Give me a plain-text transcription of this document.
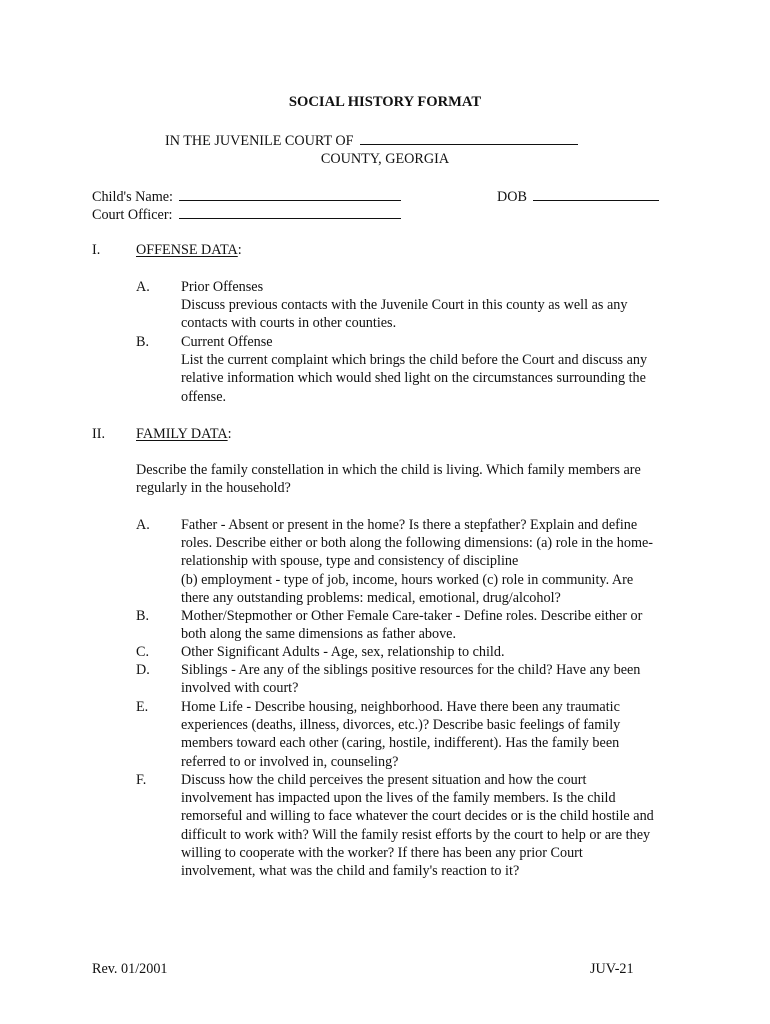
SOCIAL HISTORY FORMAT
IN THE JUVENILE COURT OF
COUNTY, GEORGIA
Child's Name:	DOB
Court Officer:
I.	OFFENSE DATA:
A. Prior Offenses
Discuss previous contacts with the Juvenile Court in this county as well as any
contacts with courts in other counties.
B. Current Offense
List the current complaint which brings the child before the Court and discuss any
relative information which would shed light on the circumstances surrounding the
offense.
II. FAMILY DATA:
Describe the family constellation in which the child is living. Which family members are
regularly in the household?
A. Father - Absent or present in the home? Is there a stepfather? Explain and define
roles. Describe either or both along the following dimensions: (a) role in the home-
relationship with spouse, type and consistency of discipline
(b) employment - type of job, income, hours worked (c) role in community. Are
there any outstanding problems: medical, emotional, drug/alcohol?
B. Mother/Stepmother or Other Female Care-taker - Define roles. Describe either or
both along the same dimensions as father above.
C. Other Significant Adults - Age, sex, relationship to child.
D. Siblings - Are any of the siblings positive resources for the child? Have any been
involved with court?
E. Home Life - Describe housing, neighborhood. Have there been any traumatic
experiences (deaths, illness, divorces, etc.)? Describe basic feelings of family
members toward each other (caring, hostile, indifferent). Has the family been
referred to or involved in, counseling?
F. Discuss how the child perceives the present situation and how the court
involvement has impacted upon the lives of the family members. Is the child
remorseful and willing to face whatever the court decides or is the child hostile and
difficult to work with? Will the family resist efforts by the court to help or are they
willing to cooperate with the worker? If there has been any prior Court
involvement, what was the child and family's reaction to it?
Rev. 01/2001	JUV-21
